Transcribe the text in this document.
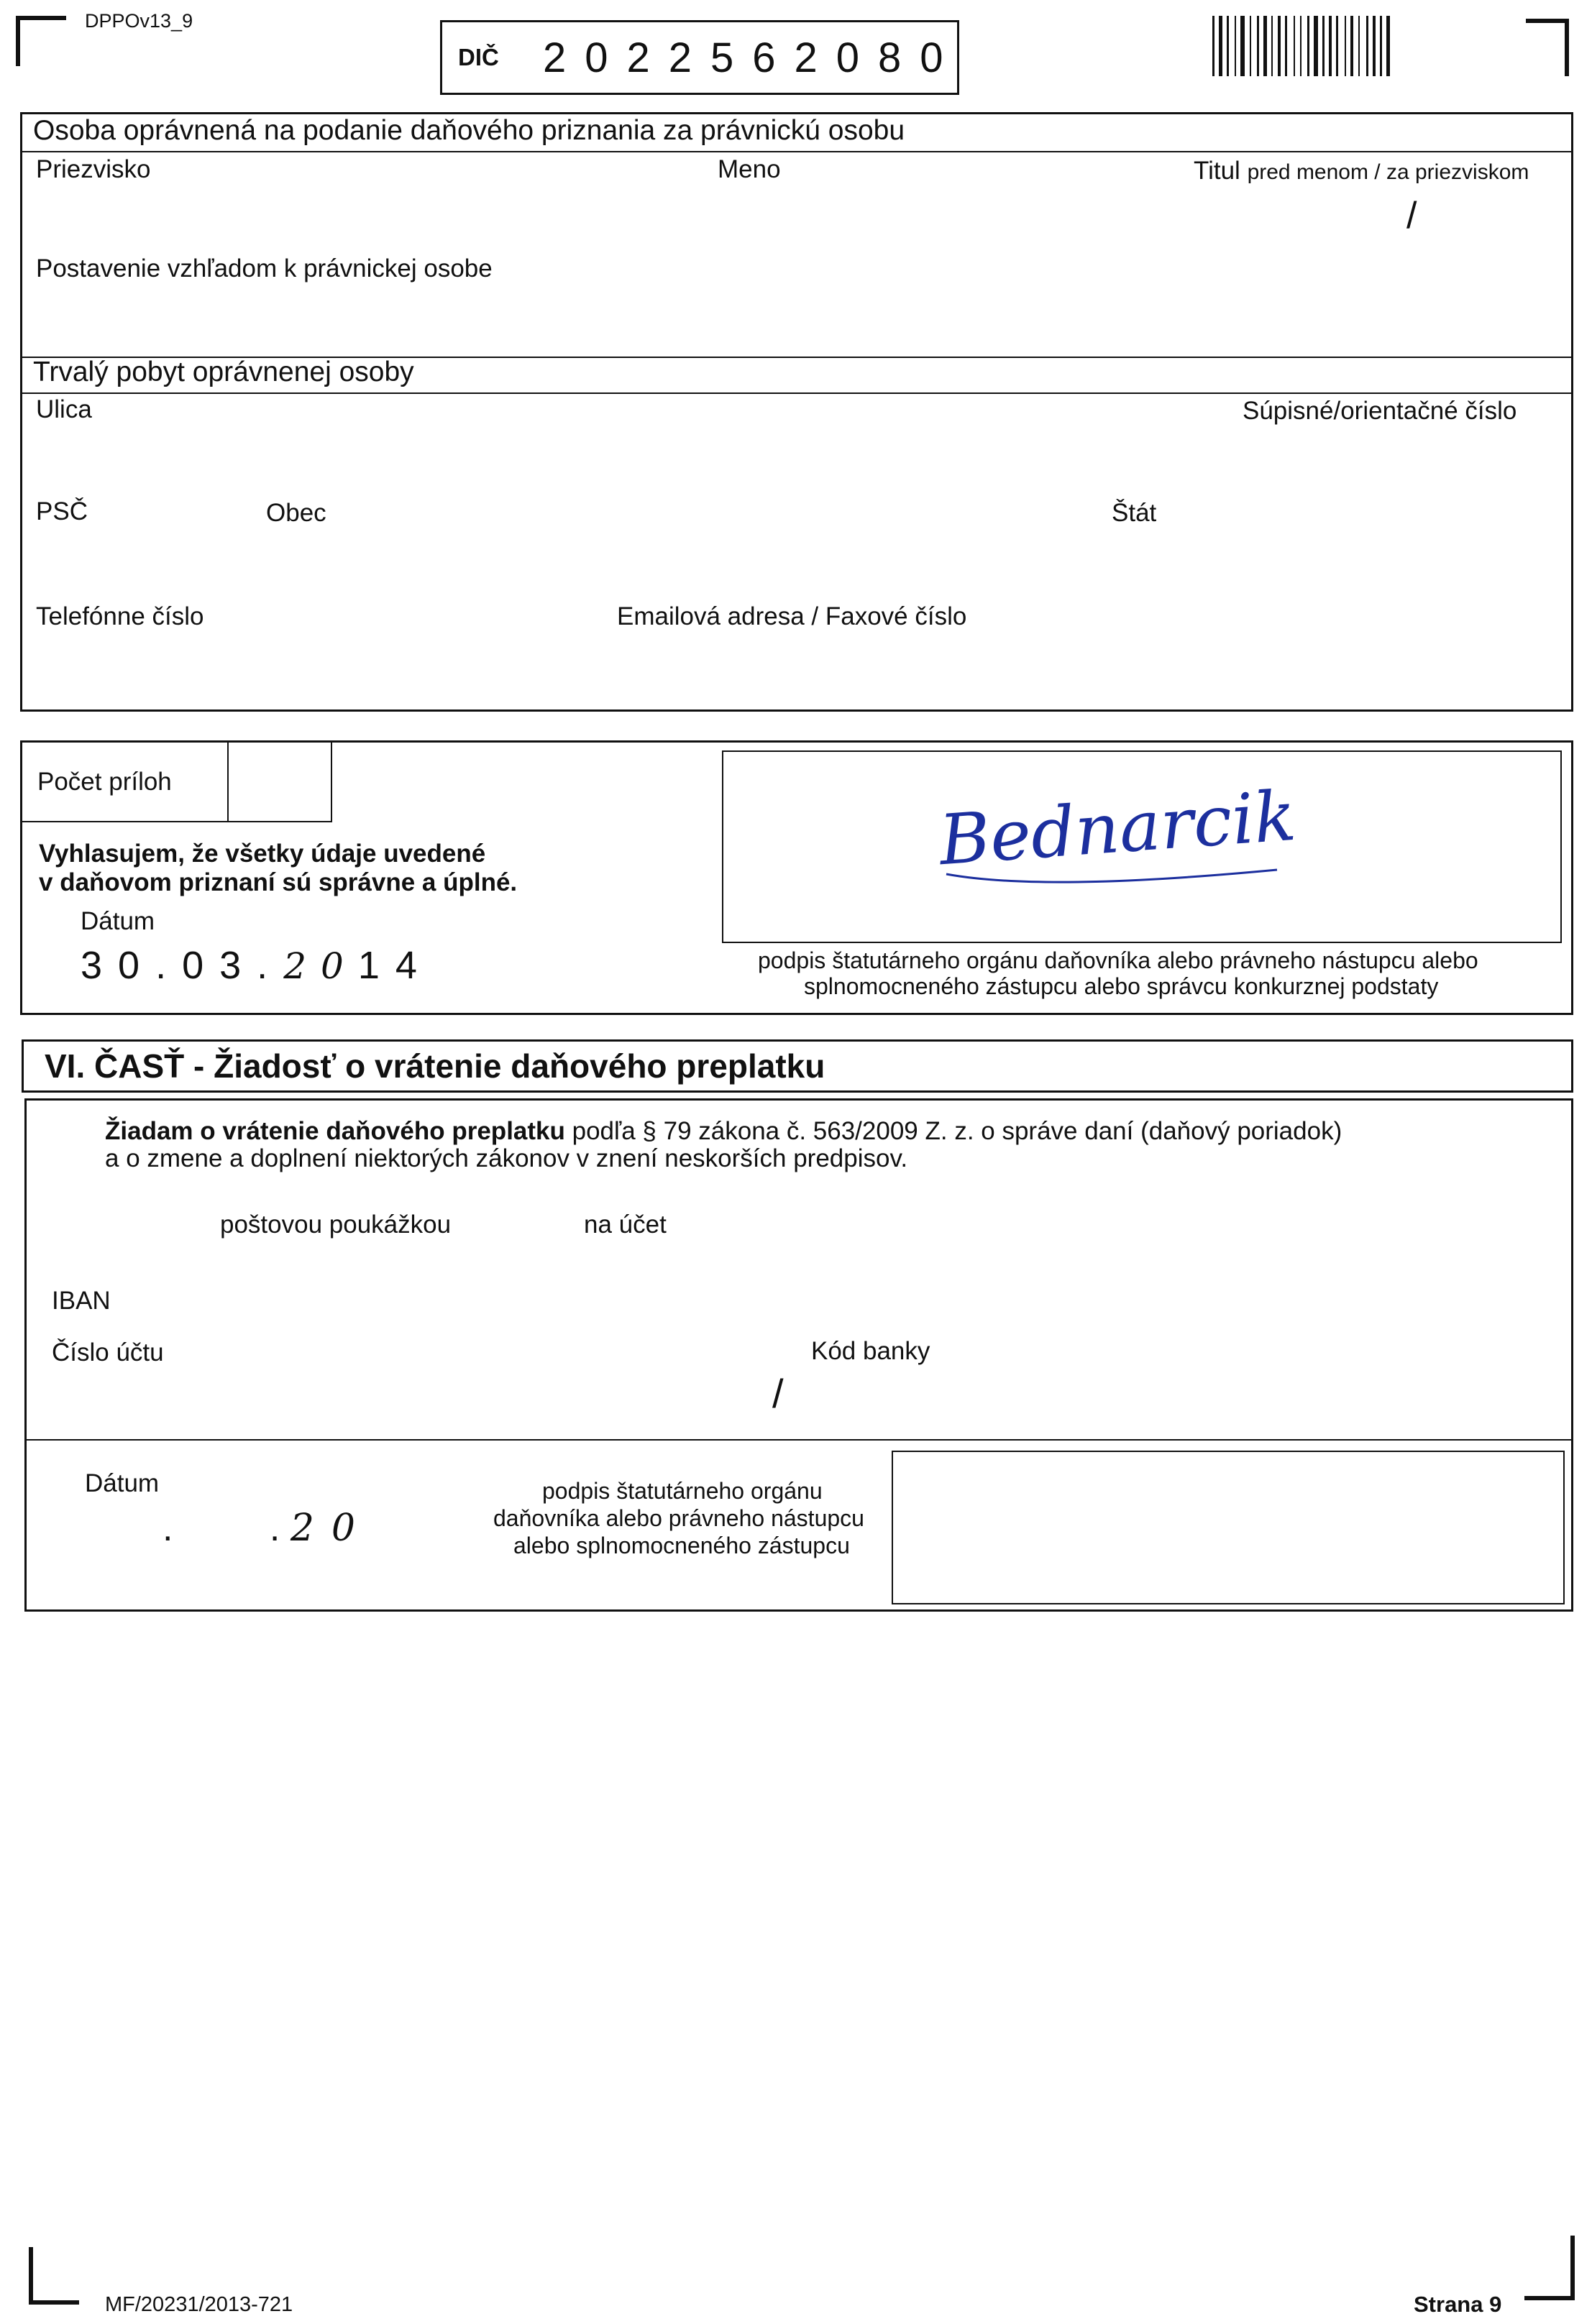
DPPOv13_9
DIČ 2022562080
Osoba oprávnená na podanie daňového priznania za právnickú osobu
Priezvisko	Meno	Titul pred menom / za priezviskom
/
Postavenie vzhľadom k právnickej osobe
Trvalý pobyt oprávnenej osoby
Ulica	Súpisné/orientačné číslo
PSČ	Obec	Štát
Telefónne číslo	Emailová adresa / Faxové číslo
Počet príloh
Vyhlasujem, že všetky údaje uvedené
v daňovom priznaní sú správne a úplné.
Dátum
30.03.2014
Bednarcik
podpis štatutárneho orgánu daňovníka alebo právneho nástupcu alebo
splnomocneného zástupcu alebo správcu konkurznej podstaty
VI. ČASŤ - Žiadosť o vrátenie daňového preplatku
Žiadam o vrátenie daňového preplatku podľa § 79 zákona č. 563/2009 Z. z. o správe daní (daňový poriadok)
a o zmene a doplnení niektorých zákonov v znení neskorších predpisov.
poštovou poukážkou	na účet
IBAN
Číslo účtu	Kód banky
/
Dátum
.	. 20
podpis štatutárneho orgánu
daňovníka alebo právneho nástupcu
alebo splnomocneného zástupcu
MF/20231/2013-721	Strana 9
